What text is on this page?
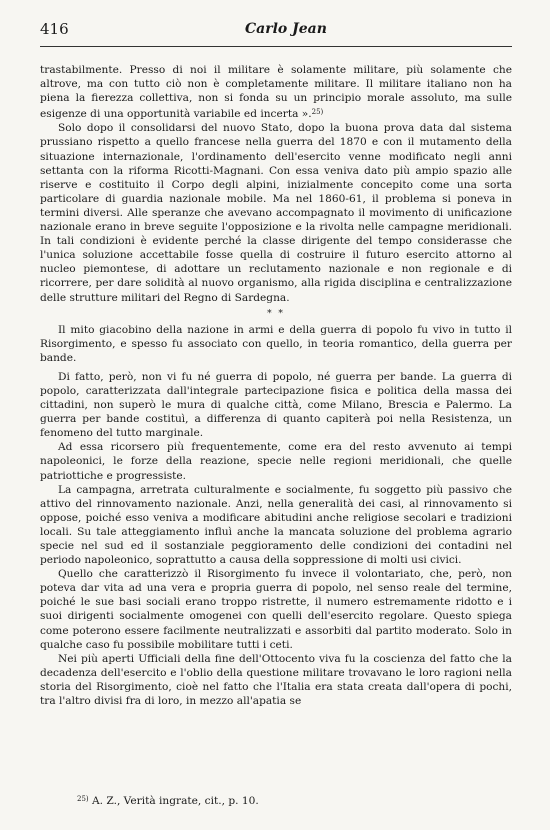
416	Carlo Jean

trastabilmente. Presso di noi il militare è solamente militare, più solamente che altrove, ma con tutto ciò non è completamente militare. Il militare italiano non ha piena la fierezza collettiva, non si fonda su un principio morale assoluto, ma sulle esigenze di una opportunità variabile ed incerta ».$^{25)}$

Solo dopo il consolidarsi del nuovo Stato, dopo la buona prova data dal sistema prussiano rispetto a quello francese nella guerra del 1870 e con il mutamento della situazione internazionale, l'ordinamento dell'esercito venne modificato negli anni settanta con la riforma Ricotti-Magnani. Con essa veniva dato più ampio spazio alle riserve e costituito il Corpo degli alpini, inizialmente concepito come una sorta particolare di guardia nazionale mobile. Ma nel 1860-61, il problema si poneva in termini diversi. Alle speranze che avevano accompagnato il movimento di unificazione nazionale erano in breve seguite l'opposizione e la rivolta nelle campagne meridionali. In tali condizioni è evidente perché la classe dirigente del tempo considerasse che l'unica soluzione accettabile fosse quella di costruire il futuro esercito attorno al nucleo piemontese, di adottare un reclutamento nazionale e non regionale e di ricorrere, per dare solidità al nuovo organismo, alla rigida disciplina e centralizzazione delle strutture militari del Regno di Sardegna.

* *

Il mito giacobino della nazione in armi e della guerra di popolo fu vivo in tutto il Risorgimento, e spesso fu associato con quello, in teoria romantico, della guerra per bande.

Di fatto, però, non vi fu né guerra di popolo, né guerra per bande. La guerra di popolo, caratterizzata dall'integrale partecipazione fisica e politica della massa dei cittadini, non superò le mura di qualche città, come Milano, Brescia e Palermo. La guerra per bande costituì, a differenza di quanto capiterà poi nella Resistenza, un fenomeno del tutto marginale.

Ad essa ricorsero più frequentemente, come era del resto avvenuto ai tempi napoleonici, le forze della reazione, specie nelle regioni meridionali, che quelle patriottiche e progressiste.

La campagna, arretrata culturalmente e socialmente, fu soggetto più passivo che attivo del rinnovamento nazionale. Anzi, nella generalità dei casi, al rinnovamento si oppose, poiché esso veniva a modificare abitudini anche religiose secolari e tradizioni locali. Su tale atteggiamento influì anche la mancata soluzione del problema agrario specie nel sud ed il sostanziale peggioramento delle condizioni dei contadini nel periodo napoleonico, soprattutto a causa della soppressione di molti usi civici.

Quello che caratterizzò il Risorgimento fu invece il volontariato, che, però, non poteva dar vita ad una vera e propria guerra di popolo, nel senso reale del termine, poiché le sue basi sociali erano troppo ristrette, il numero estremamente ridotto e i suoi dirigenti socialmente omogenei con quelli dell'esercito regolare. Questo spiega come poterono essere facilmente neutralizzati e assorbiti dal partito moderato. Solo in qualche caso fu possibile mobilitare tutti i ceti.

Nei più aperti Ufficiali della fine dell'Ottocento viva fu la coscienza del fatto che la decadenza dell'esercito e l'oblio della questione militare trovavano le loro ragioni nella storia del Risorgimento, cioè nel fatto che l'Italia era stata creata dall'opera di pochi, tra l'altro divisi fra di loro, in mezzo all'apatia se

$^{25)}$ A. Z., Verità ingrate, cit., p. 10.
